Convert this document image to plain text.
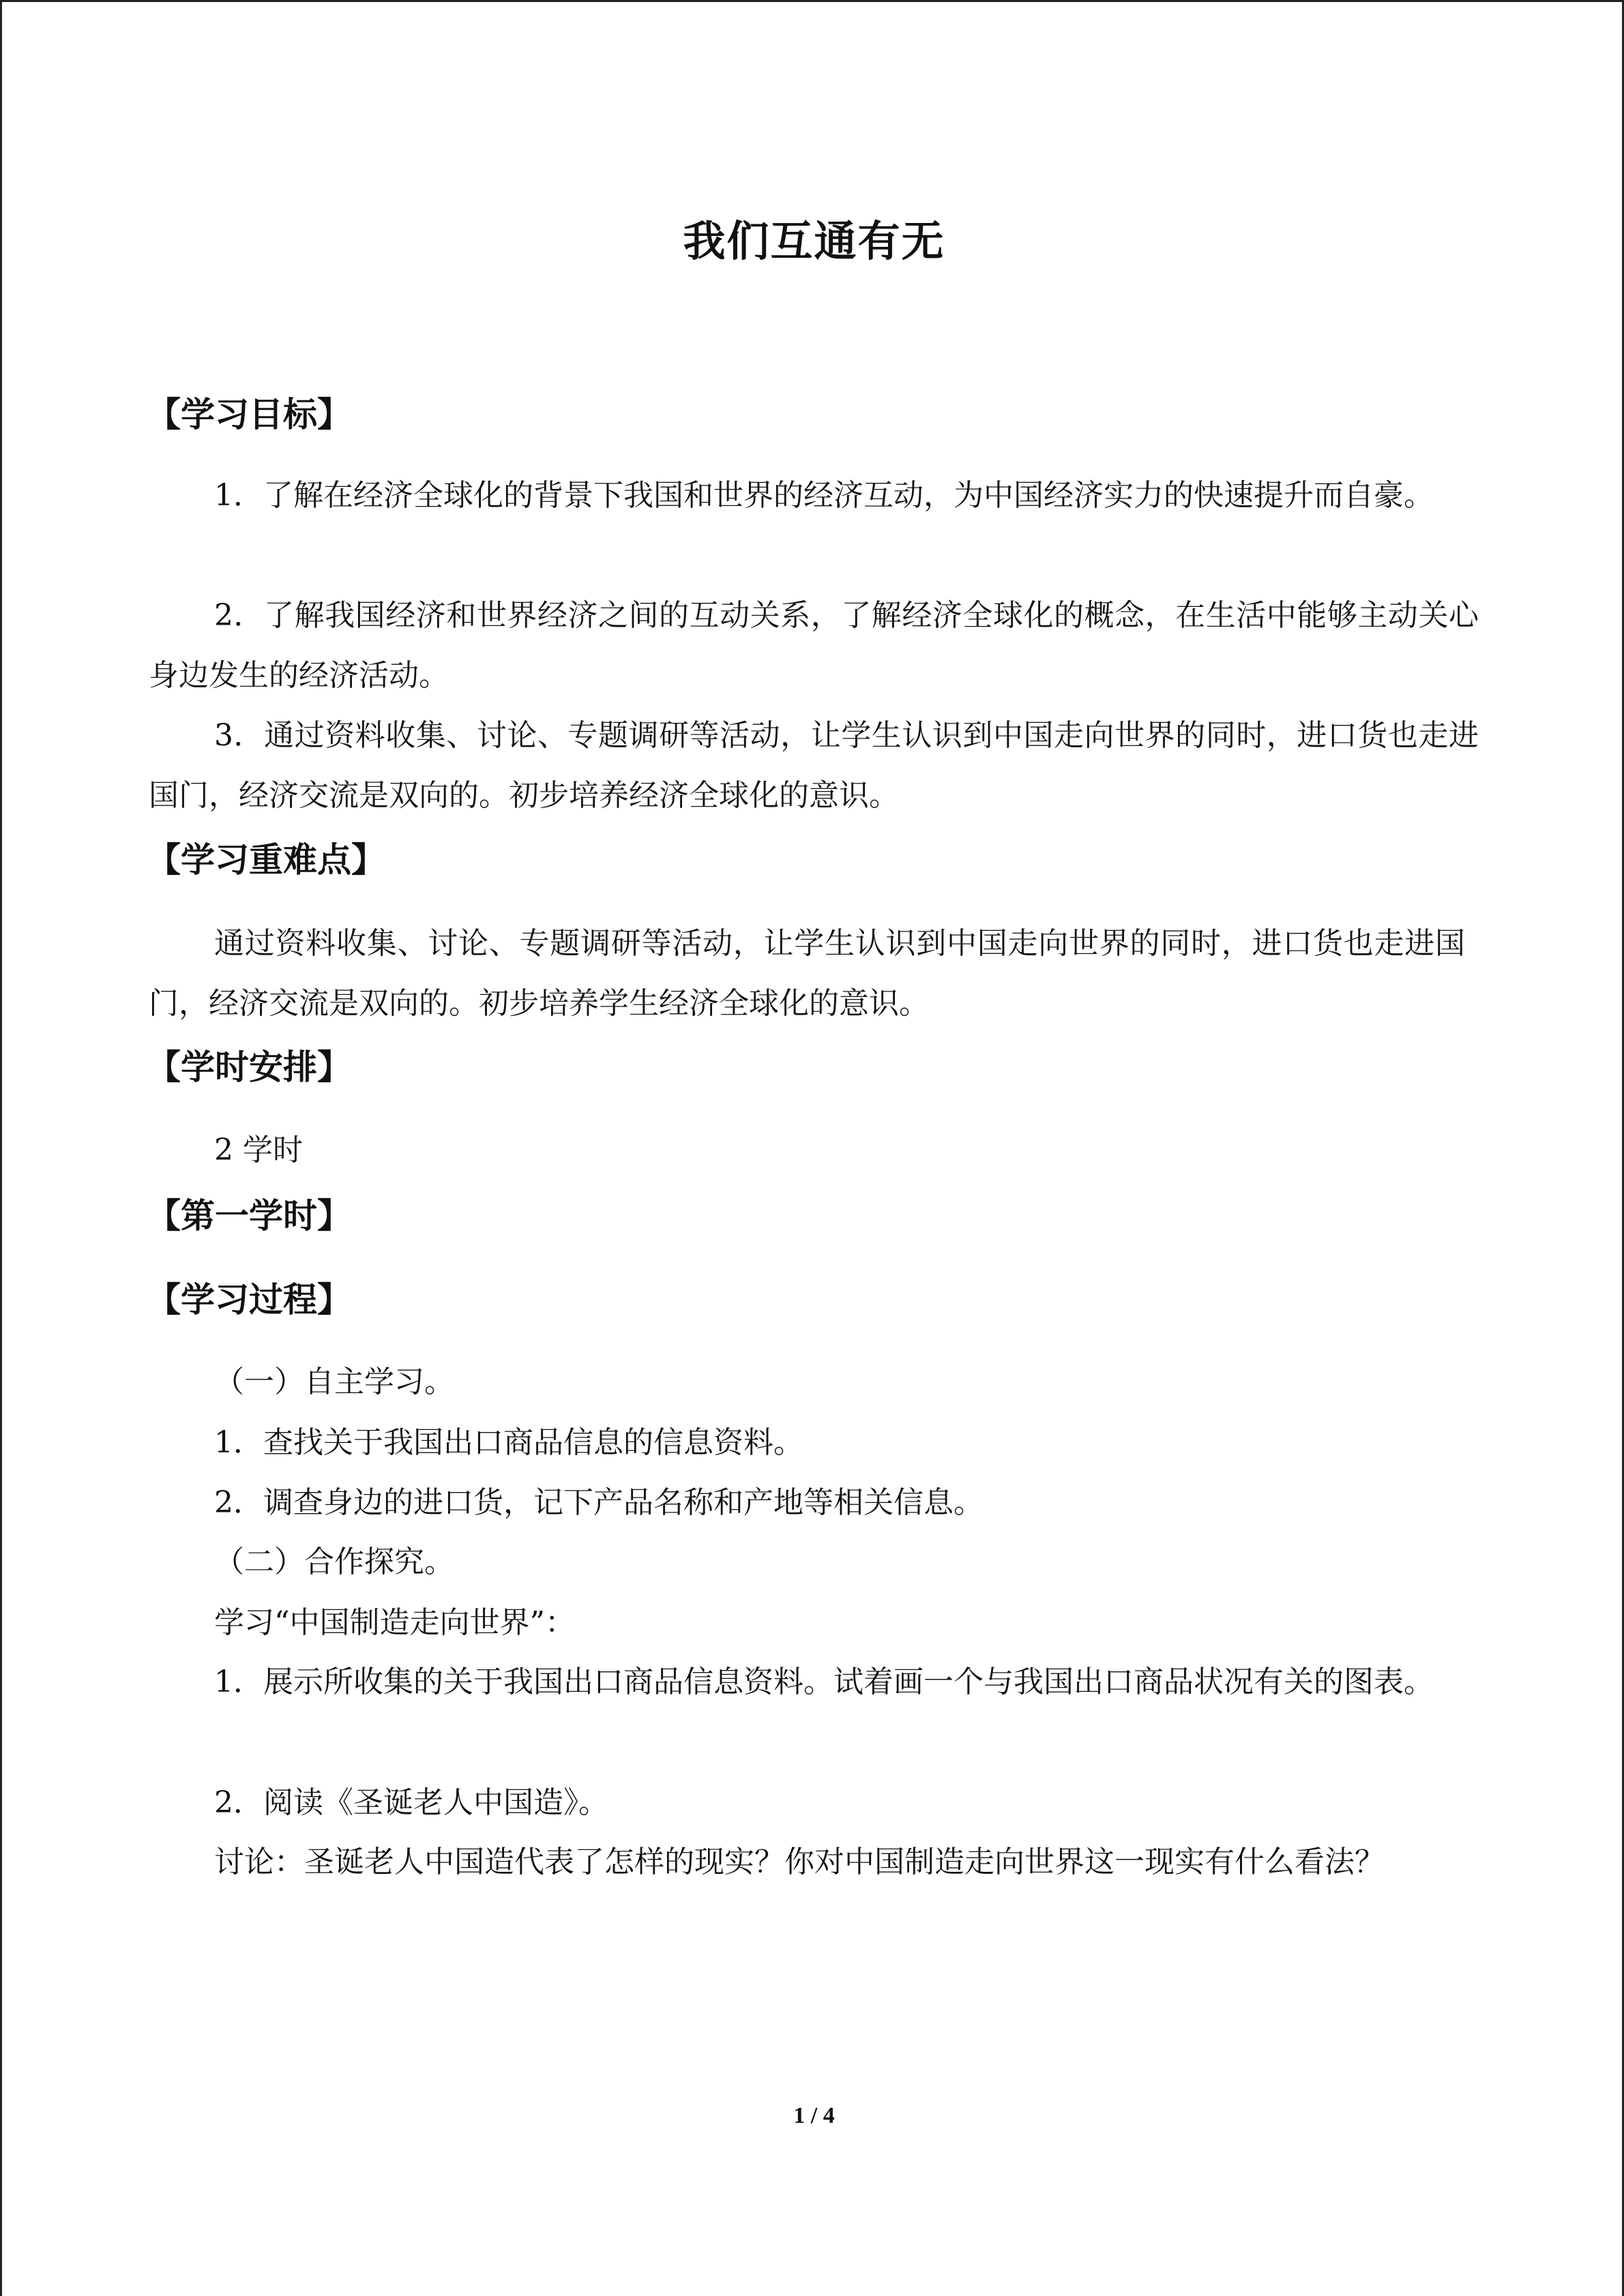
我们互通有无
【学习目标】

1．了解在经济全球化的背景下我国和世界的经济互动，为中国经济实力的快速提升而自豪。

2．了解我国经济和世界经济之间的互动关系，了解经济全球化的概念，在生活中能够主动关心身边发生的经济活动。

3．通过资料收集、讨论、专题调研等活动，让学生认识到中国走向世界的同时，进口货也走进国门，经济交流是双向的。初步培养经济全球化的意识。

【学习重难点】

通过资料收集、讨论、专题调研等活动，让学生认识到中国走向世界的同时，进口货也走进国门，经济交流是双向的。初步培养学生经济全球化的意识。

【学时安排】

2 学时

【第一学时】
【学习过程】

（一）自主学习。

1．查找关于我国出口商品信息的信息资料。

2．调查身边的进口货，记下产品名称和产地等相关信息。

（二）合作探究。

学习“中国制造走向世界”：

1．展示所收集的关于我国出口商品信息资料。试着画一个与我国出口商品状况有关的图表。

2．阅读《圣诞老人中国造》。

讨论：圣诞老人中国造代表了怎样的现实？你对中国制造走向世界这一现实有什么看法？

1 / 4
